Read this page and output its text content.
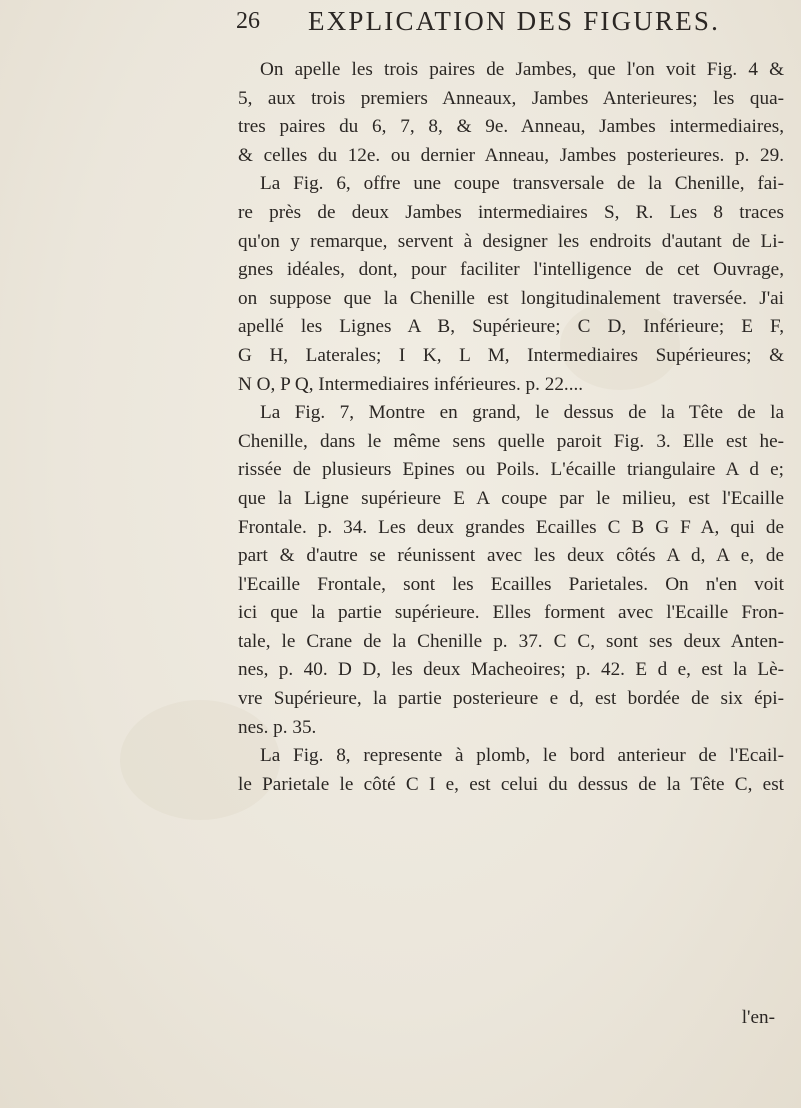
26 EXPLICATION DES FIGURES.

On apelle les trois paires de Jambes, que l'on voit Fig. 4 &
5, aux trois premiers Anneaux, Jambes Anterieures; les qua-
tres paires du 6, 7, 8, & 9e. Anneau, Jambes intermediaires,
& celles du 12e. ou dernier Anneau, Jambes posterieures. p. 29.

La Fig. 6, offre une coupe transversale de la Chenille, fai-
re près de deux Jambes intermediaires S, R. Les 8 traces
qu'on y remarque, servent à designer les endroits d'autant de Li-
gnes idéales, dont, pour faciliter l'intelligence de cet Ouvrage,
on suppose que la Chenille est longitudinalement traversée. J'ai
apellé les Lignes A B, Supérieure; C D, Inférieure; E F,
G H, Laterales; I K, L M, Intermediaires Supérieures; &
N O, P Q, Intermediaires inférieures. p. 22....

La Fig. 7, Montre en grand, le dessus de la Tête de la
Chenille, dans le même sens quelle paroit Fig. 3. Elle est he-
rissée de plusieurs Epines ou Poils. L'écaille triangulaire A d e;
que la Ligne supérieure E A coupe par le milieu, est l'Ecaille
Frontale. p. 34. Les deux grandes Ecailles C B G F A, qui de
part & d'autre se réunissent avec les deux côtés A d, A e, de
l'Ecaille Frontale, sont les Ecailles Parietales. On n'en voit
ici que la partie supérieure. Elles forment avec l'Ecaille Fron-
tale, le Crane de la Chenille p. 37. C C, sont ses deux Anten-
nes, p. 40. D D, les deux Macheoires; p. 42. E d e, est la Lè-
vre Supérieure, la partie posterieure e d, est bordée de six épi-
nes. p. 35.

La Fig. 8, represente à plomb, le bord anterieur de l'Ecail-
le Parietale le côté C I e, est celui du dessus de la Tête C, est

l'en-
